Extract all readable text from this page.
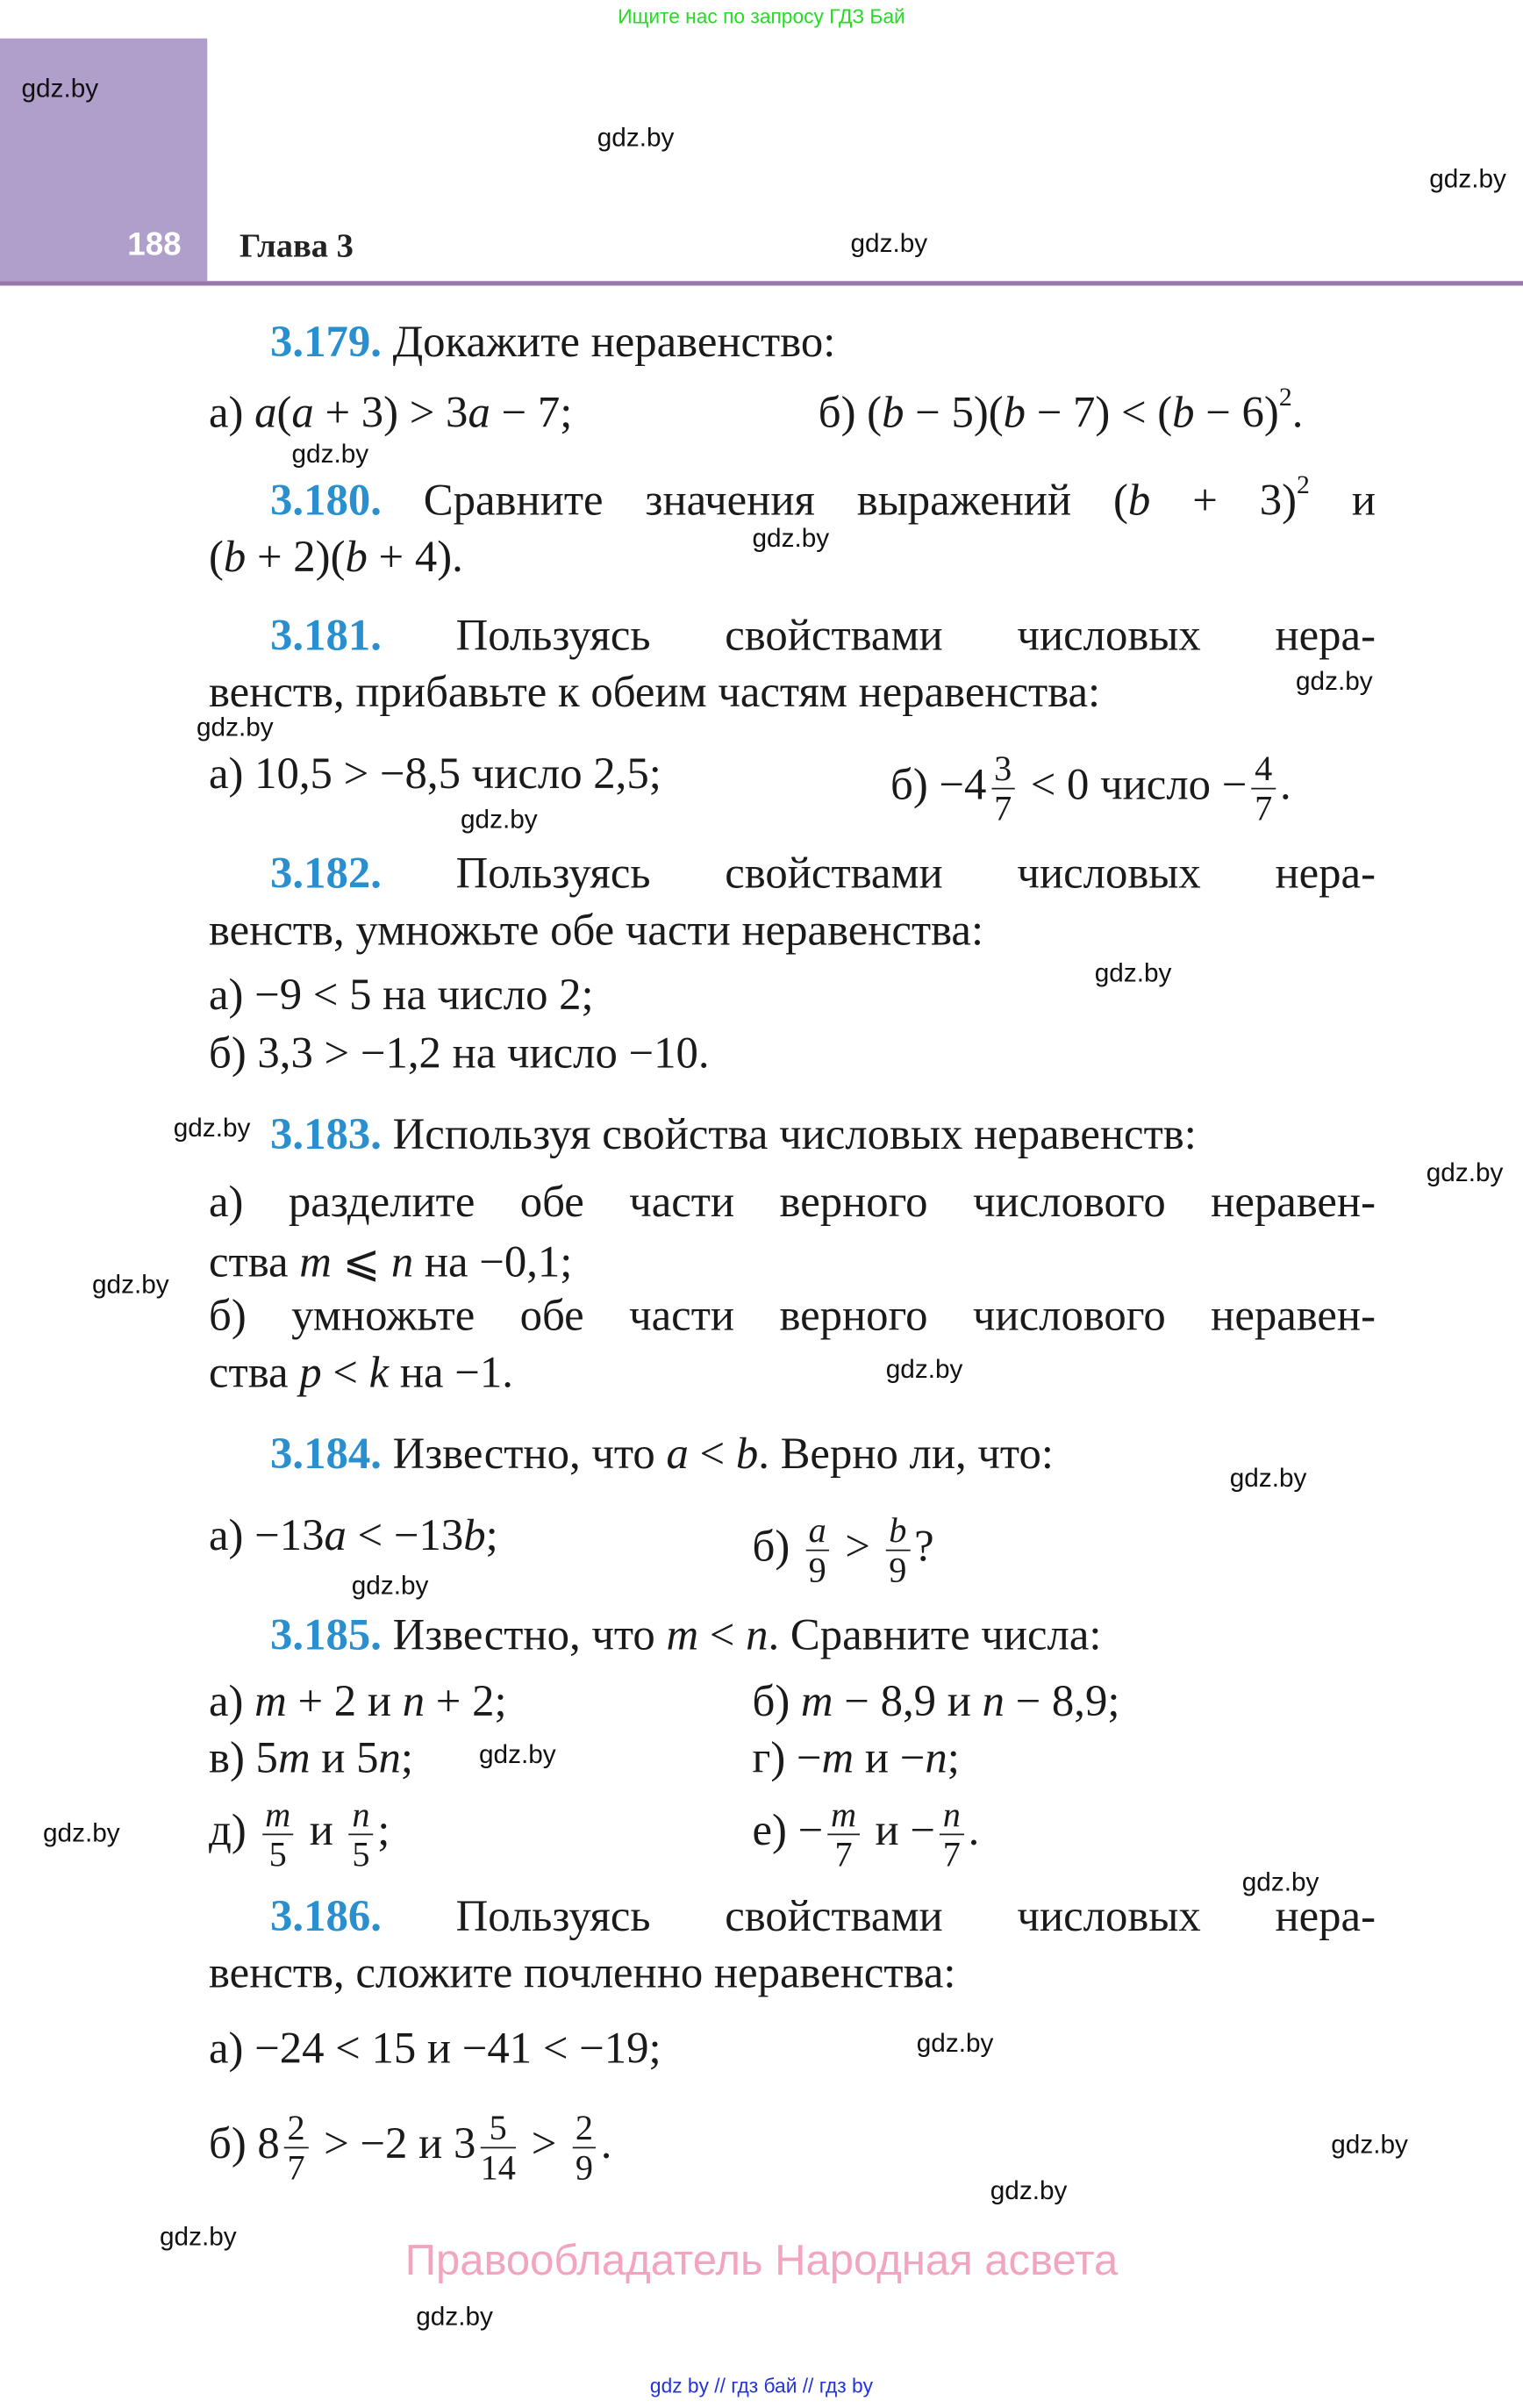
Ищите нас по запросу ГДЗ Бай
188	Глава 3
gdz.by
gdz.by
gdz.by
gdz.by
gdz.by
gdz.by
gdz.by
gdz.by
gdz.by
gdz.by
gdz.by
gdz.by
gdz.by
gdz.by
gdz.by
gdz.by
gdz.by
gdz.by
gdz.by
gdz.by
gdz.by
gdz.by
gdz.by
gdz.by
3.179. Докажите неравенство:
а) a(a + 3) > 3a − 7;	б) $(b - 5)(b - 7) < (b - 6)^2$.
3.180. Сравните значения выражений $(b + 3)^2$ и
(b + 2)(b + 4).
3.181. Пользуясь свойствами числовых нера-
венств, прибавьте к обеим частям неравенства:
а) 10,5 > −8,5 число 2,5;	$б) -4 \frac{3}{7} < 0$ число − $\frac{4}{7}$ .
3.182. Пользуясь свойствами числовых нера-
венств, умножьте обе части неравенства:
а) −9 < 5 на число 2;
б) 3,3 > −1,2 на число −10.
3.183. Используя свойства числовых неравенств:
а) разделите обе части верного числового неравен-
ства m ⩽ n на −0,1;
б) умножьте обе части верного числового неравен-
ства p < k на −1.
3.184. Известно, что a < b. Верно ли, что:
а) −13a < −13b;	$б) \frac{a}{9} > \frac{b}{9}$ ?
3.185. Известно, что m < n. Сравните числа:
а) m + 2 и n + 2;	б) m − 8,9 и n − 8,9;
в) 5m и 5n;	г) −m и −n;
$д) \frac{m}{5}$ и $\frac{n}{5}$ ;	$е) - \frac{m}{7}$ $и - \frac{n}{7}$ .
3.186. Пользуясь свойствами числовых нера-
венств, сложите почленно неравенства:
а) −24 < 15 и −41 < −19;
б) $8 \frac{2}{7} > -2$ и $3 \frac{5}{14} > \frac{2}{9}$ .
Правообладатель Народная асвета
gdz by // гдз бай // гдз by
